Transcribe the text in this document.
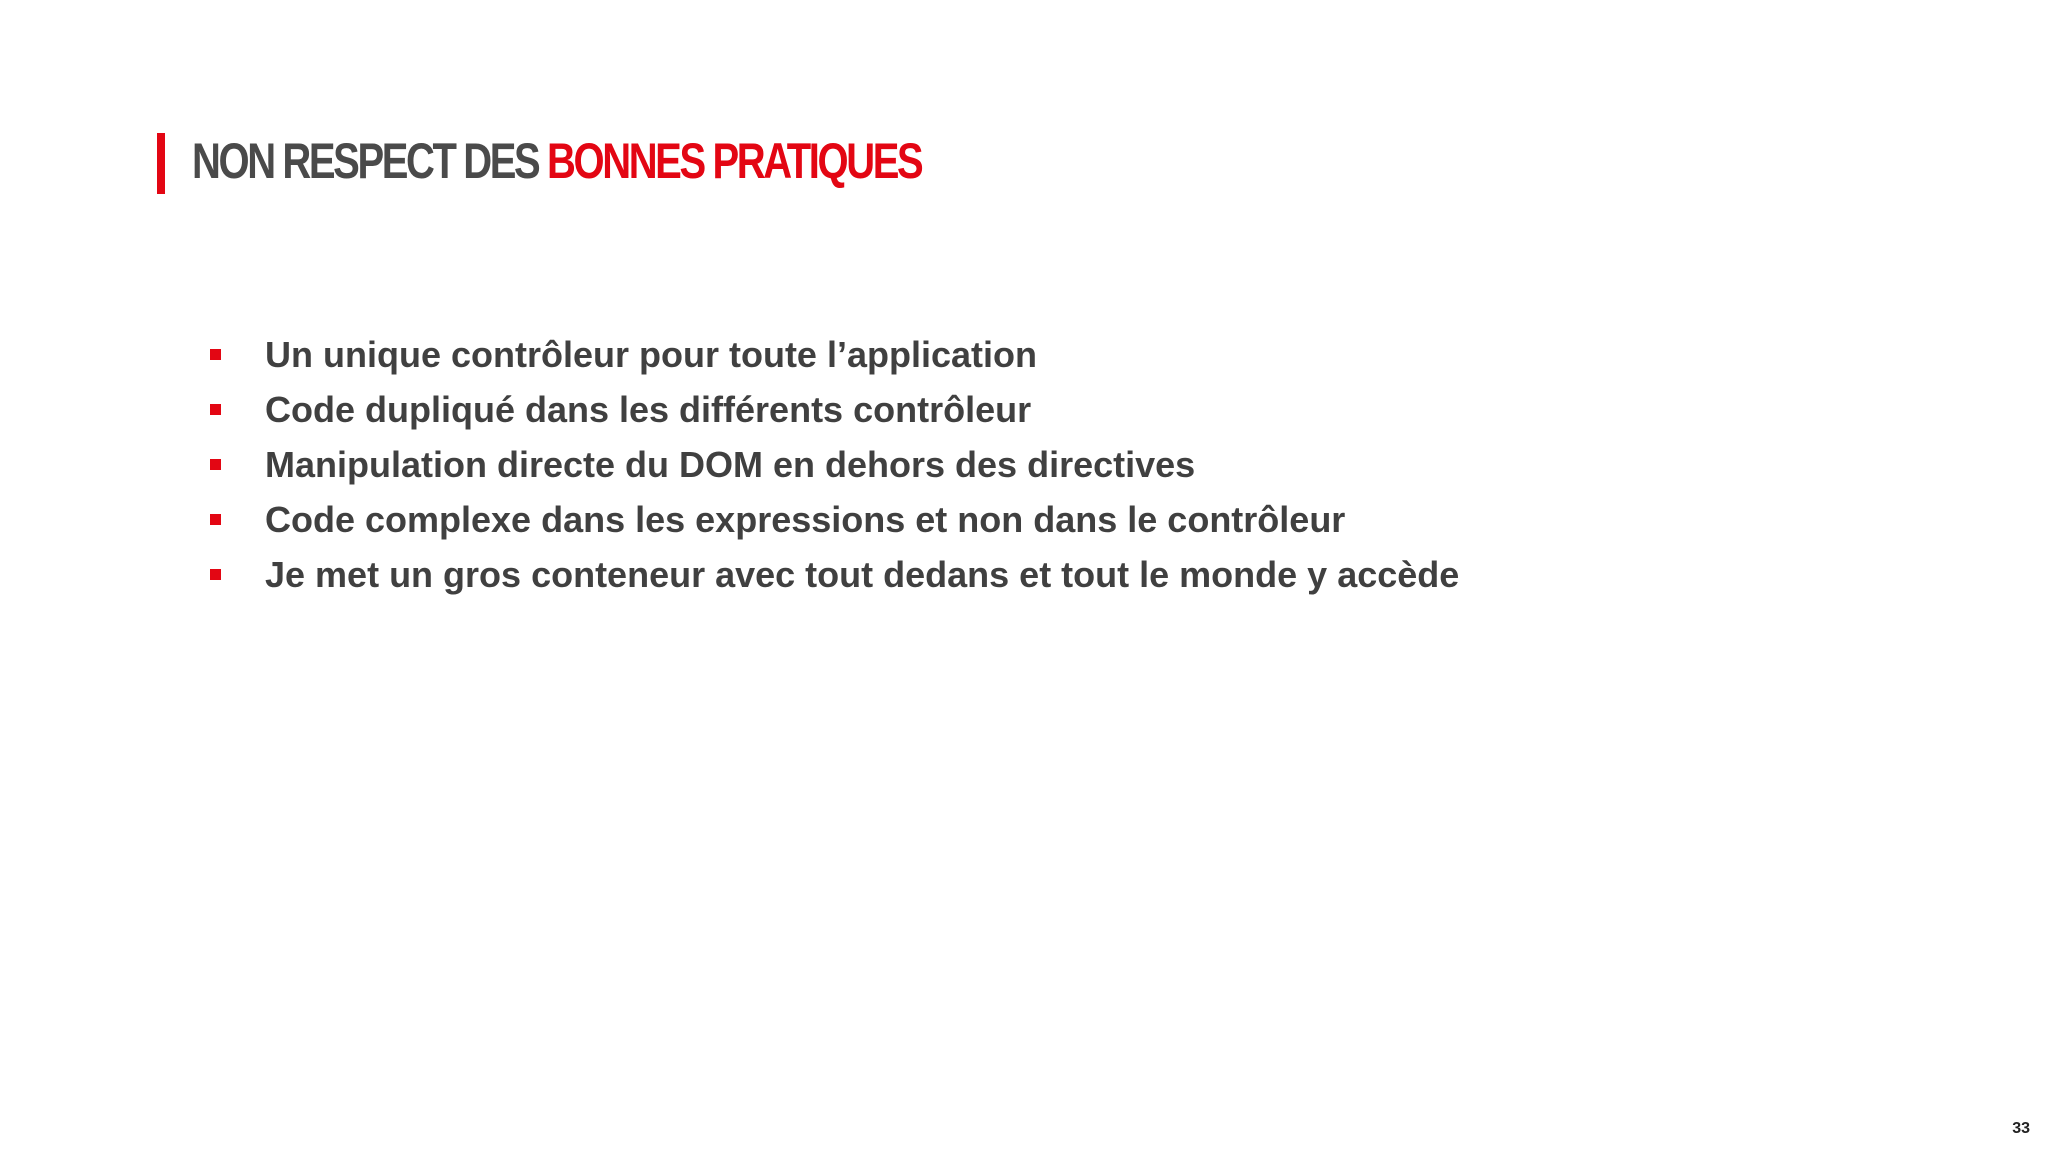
NON RESPECT DES BONNES PRATIQUES
Un unique contrôleur pour toute l’application
Code dupliqué dans les différents contrôleur
Manipulation directe du DOM en dehors des directives
Code complexe dans les expressions et non dans le contrôleur
Je met un gros conteneur avec tout dedans et tout le monde y accède
33
